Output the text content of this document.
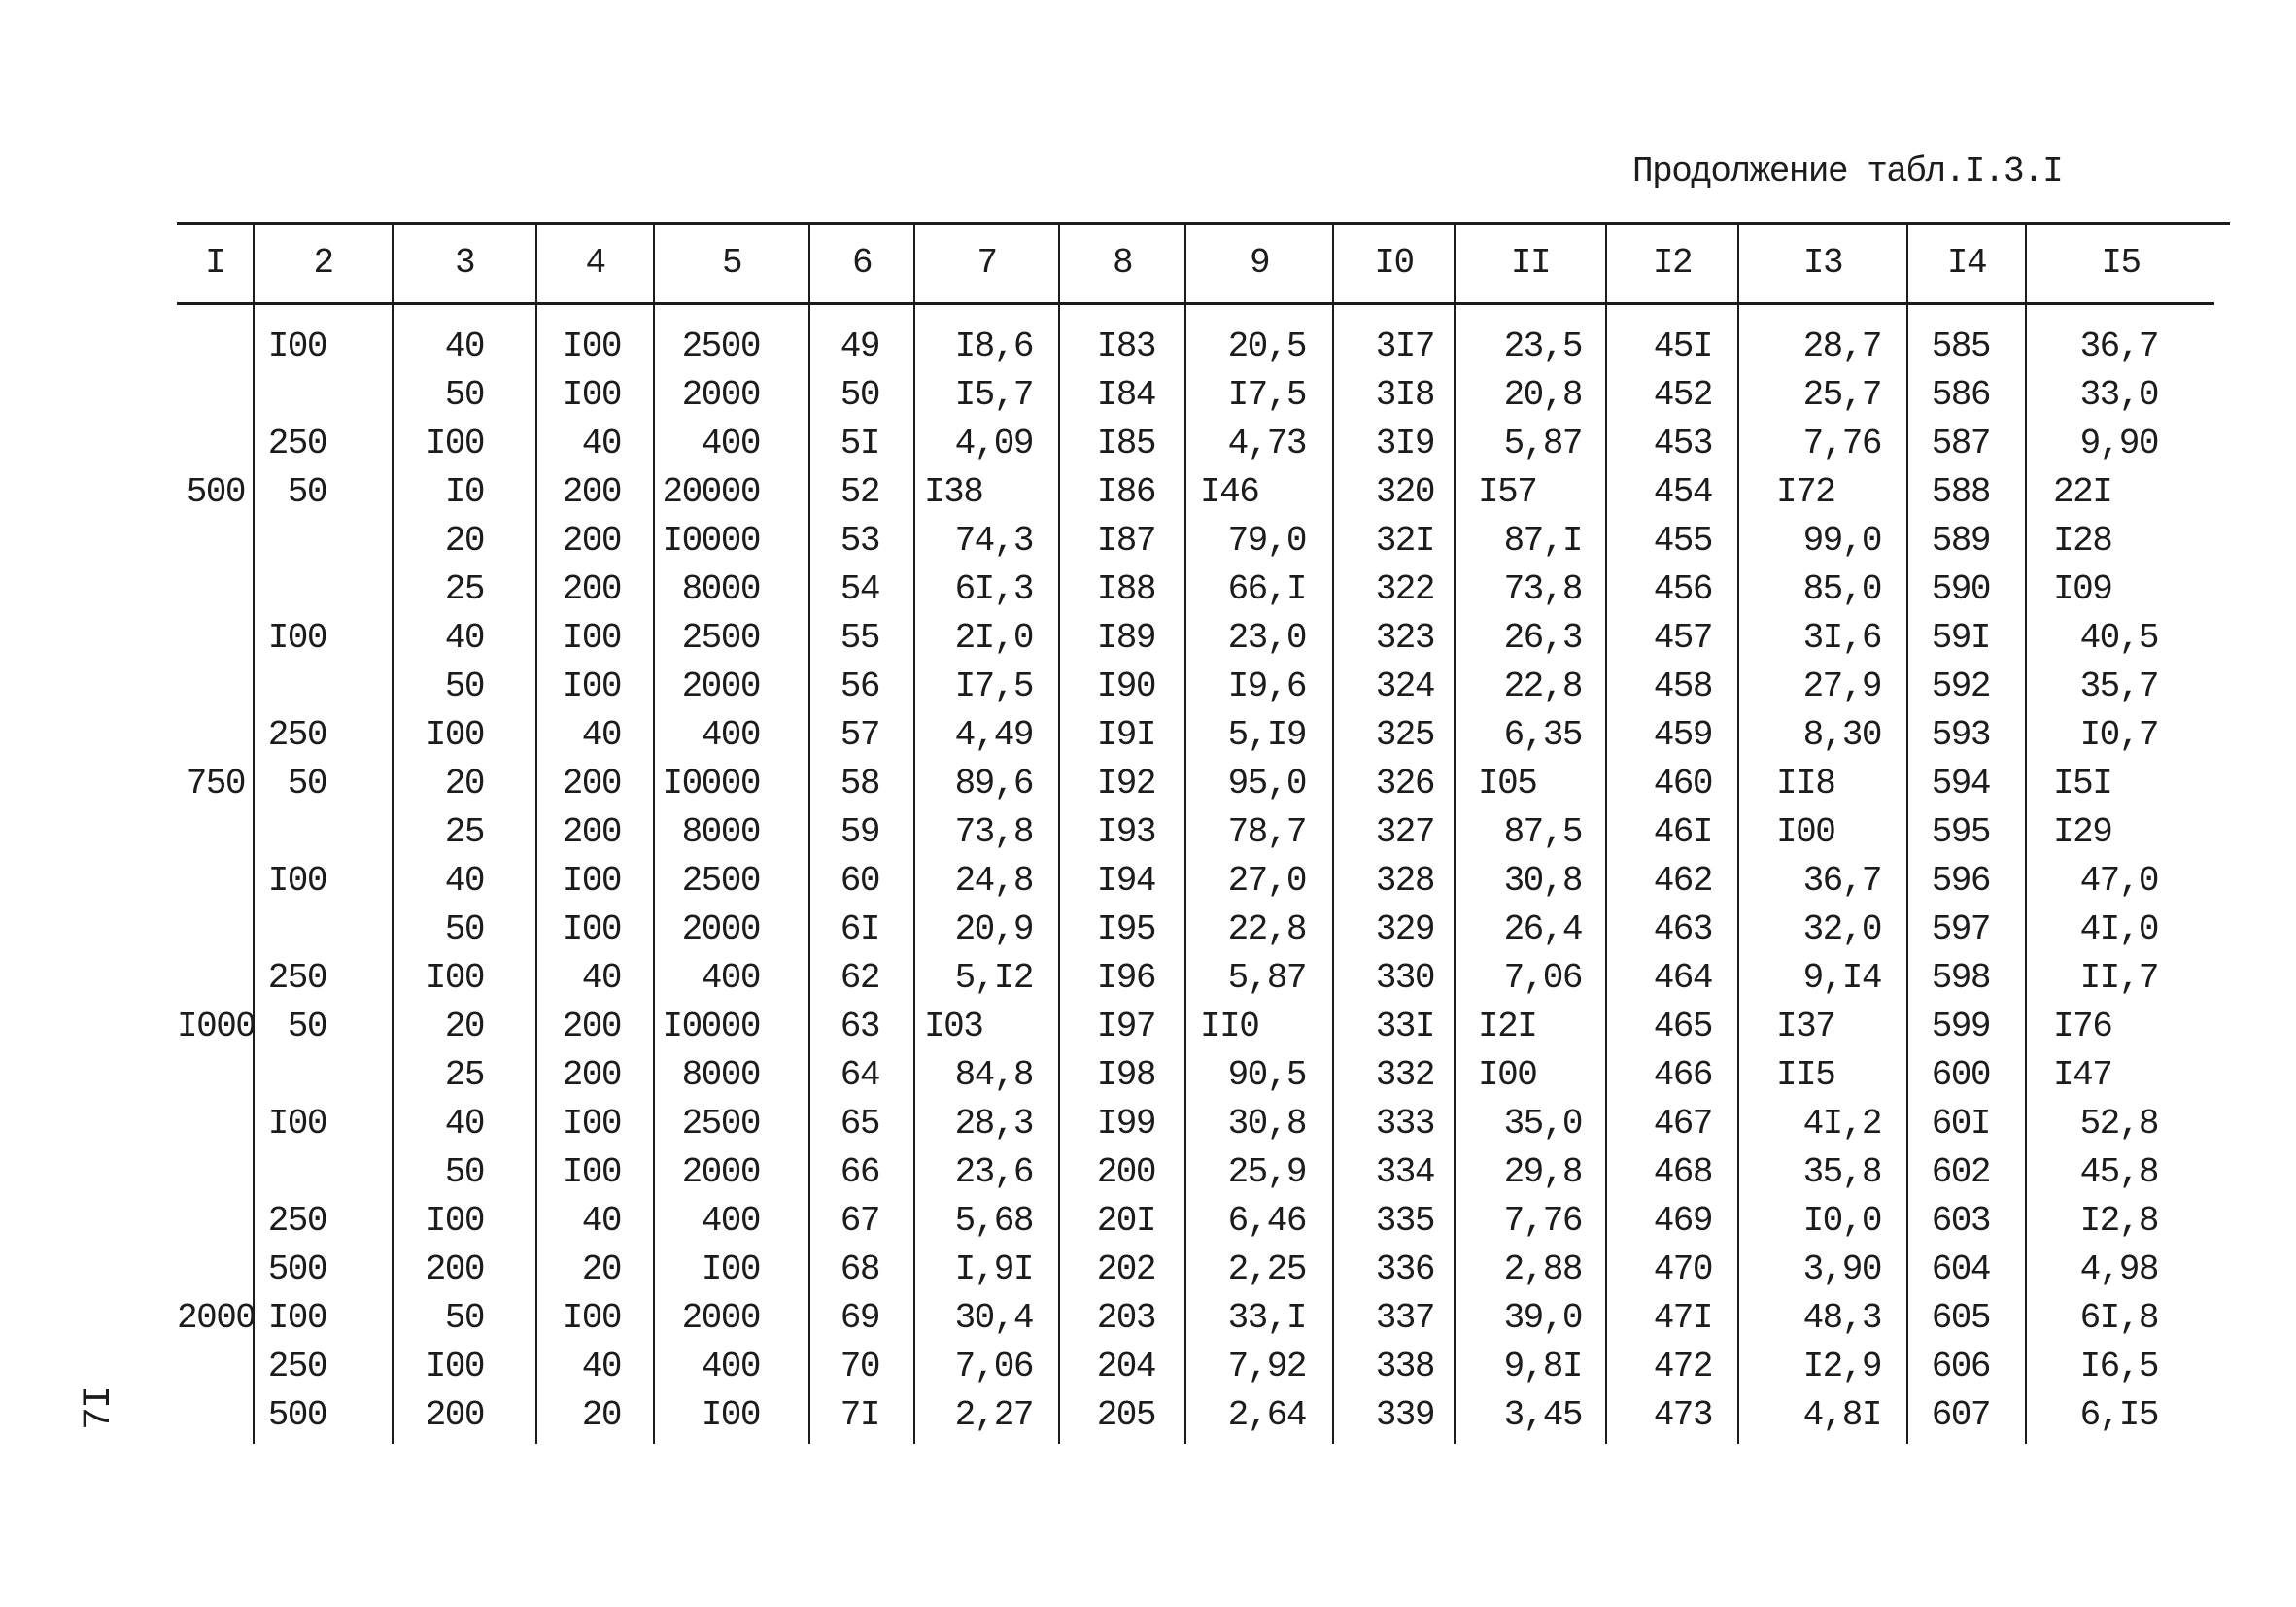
Продолжение табл.I.3.I
I	2	3	4	5	6	7	8	9	I0	II	I2	I3	I4	I5
	I00	40	I00	2500	49	I8,6	I83	20,5	3I7	23,5	45I	28,7	585	36,7
		50	I00	2000	50	I5,7	I84	I7,5	3I8	20,8	452	25,7	586	33,0
	250	I00	40	400	5I	4,09	I85	4,73	3I9	5,87	453	7,76	587	9,90
500	50	I0	200	20000	52	I38	I86	I46	320	I57	454	I72	588	22I
		20	200	I0000	53	74,3	I87	79,0	32I	87,I	455	99,0	589	I28
		25	200	8000	54	6I,3	I88	66,I	322	73,8	456	85,0	590	I09
	I00	40	I00	2500	55	2I,0	I89	23,0	323	26,3	457	3I,6	59I	40,5
		50	I00	2000	56	I7,5	I90	I9,6	324	22,8	458	27,9	592	35,7
	250	I00	40	400	57	4,49	I9I	5,I9	325	6,35	459	8,30	593	I0,7
750	50	20	200	I0000	58	89,6	I92	95,0	326	I05	460	II8	594	I5I
		25	200	8000	59	73,8	I93	78,7	327	87,5	46I	I00	595	I29
	I00	40	I00	2500	60	24,8	I94	27,0	328	30,8	462	36,7	596	47,0
		50	I00	2000	6I	20,9	I95	22,8	329	26,4	463	32,0	597	4I,0
	250	I00	40	400	62	5,I2	I96	5,87	330	7,06	464	9,I4	598	II,7
I000	50	20	200	I0000	63	I03	I97	II0	33I	I2I	465	I37	599	I76
		25	200	8000	64	84,8	I98	90,5	332	I00	466	II5	600	I47
	I00	40	I00	2500	65	28,3	I99	30,8	333	35,0	467	4I,2	60I	52,8
		50	I00	2000	66	23,6	200	25,9	334	29,8	468	35,8	602	45,8
	250	I00	40	400	67	5,68	20I	6,46	335	7,76	469	I0,0	603	I2,8
	500	200	20	I00	68	I,9I	202	2,25	336	2,88	470	3,90	604	4,98
2000	I00	50	I00	2000	69	30,4	203	33,I	337	39,0	47I	48,3	605	6I,8
	250	I00	40	400	70	7,06	204	7,92	338	9,8I	472	I2,9	606	I6,5
	500	200	20	I00	7I	2,27	205	2,64	339	3,45	473	4,8I	607	6,I5
7I
